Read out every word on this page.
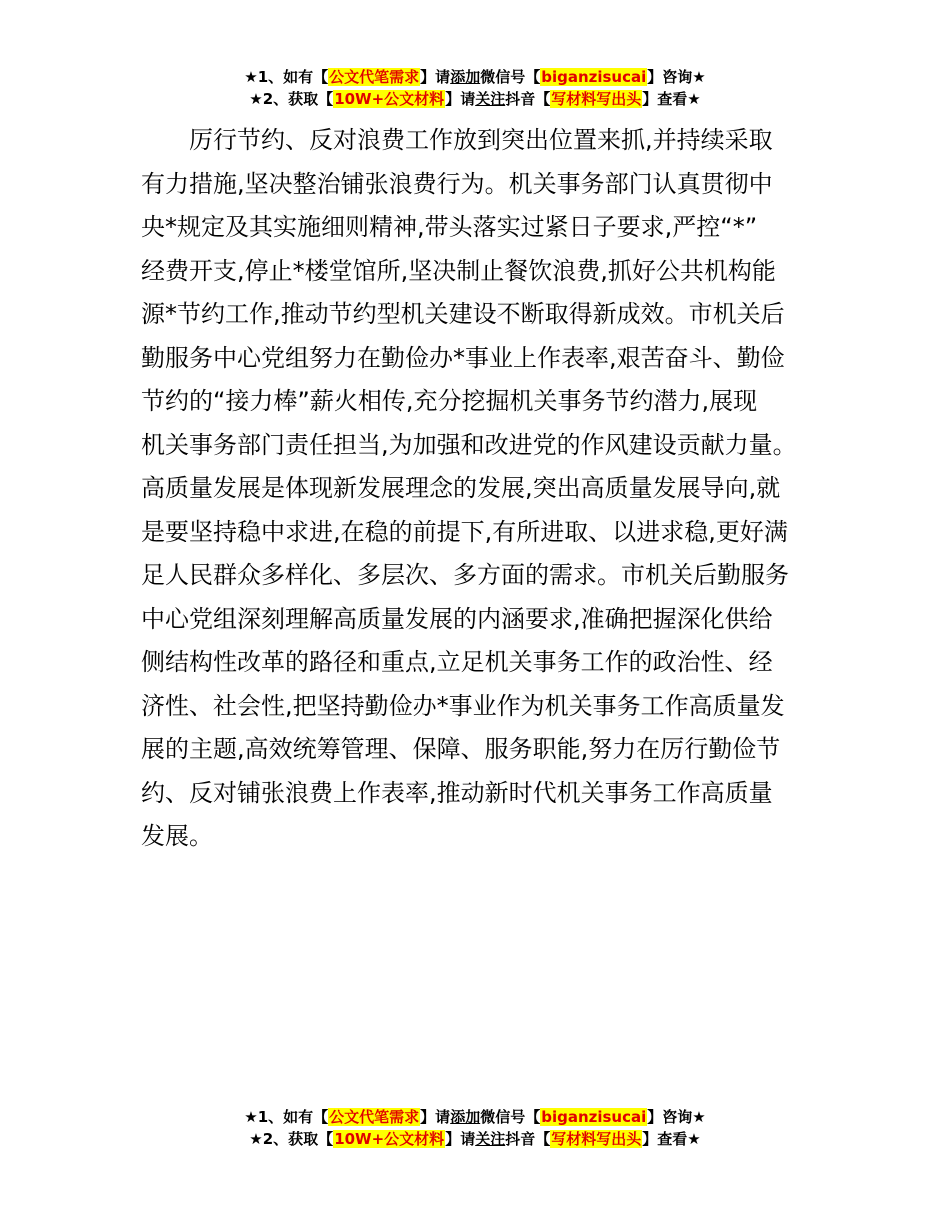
★1、如有【公文代笔需求】请添加微信号【biganzisucai】咨询★
★2、获取【10W+公文材料】请关注抖音【写材料写出头】查看★
　　厉行节约、反对浪费工作放到突出位置来抓,并持续采取
有力措施,坚决整治铺张浪费行为。机关事务部门认真贯彻中
央*规定及其实施细则精神,带头落实过紧日子要求,严控“*”
经费开支,停止*楼堂馆所,坚决制止餐饮浪费,抓好公共机构能
源*节约工作,推动节约型机关建设不断取得新成效。市机关后
勤服务中心党组努力在勤俭办*事业上作表率,艰苦奋斗、勤俭
节约的“接力棒”薪火相传,充分挖掘机关事务节约潜力,展现
机关事务部门责任担当,为加强和改进党的作风建设贡献力量。
高质量发展是体现新发展理念的发展,突出高质量发展导向,就
是要坚持稳中求进,在稳的前提下,有所进取、以进求稳,更好满
足人民群众多样化、多层次、多方面的需求。市机关后勤服务
中心党组深刻理解高质量发展的内涵要求,准确把握深化供给
侧结构性改革的路径和重点,立足机关事务工作的政治性、经
济性、社会性,把坚持勤俭办*事业作为机关事务工作高质量发
展的主题,高效统筹管理、保障、服务职能,努力在厉行勤俭节
约、反对铺张浪费上作表率,推动新时代机关事务工作高质量
发展。
★1、如有【公文代笔需求】请添加微信号【biganzisucai】咨询★
★2、获取【10W+公文材料】请关注抖音【写材料写出头】查看★
